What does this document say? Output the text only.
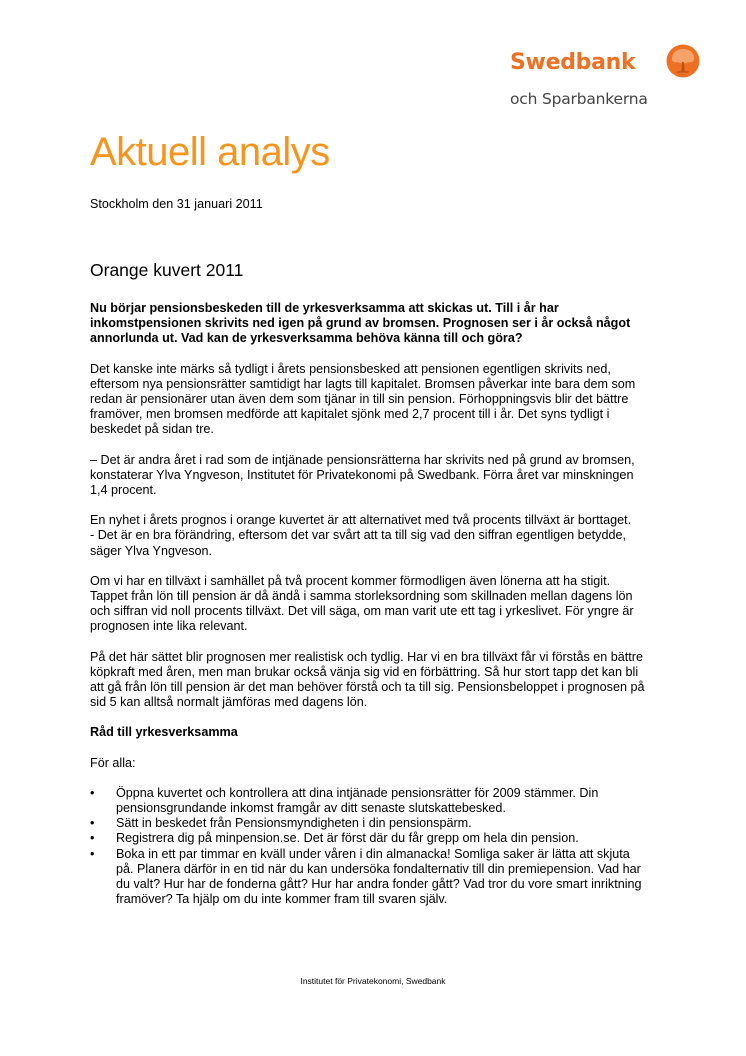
Swedbank
och Sparbankerna
Aktuell analys
Stockholm den 31 januari 2011
Orange kuvert 2011

Nu börjar pensionsbeskeden till de yrkesverksamma att skickas ut. Till i år har inkomstpensionen skrivits ned igen på grund av bromsen. Prognosen ser i år också något annorlunda ut. Vad kan de yrkesverksamma behöva känna till och göra?

Det kanske inte märks så tydligt i årets pensionsbesked att pensionen egentligen skrivits ned, eftersom nya pensionsrätter samtidigt har lagts till kapitalet. Bromsen påverkar inte bara dem som redan är pensionärer utan även dem som tjänar in till sin pension. Förhoppningsvis blir det bättre framöver, men bromsen medförde att kapitalet sjönk med 2,7 procent till i år. Det syns tydligt i beskedet på sidan tre.

– Det är andra året i rad som de intjänade pensionsrätterna har skrivits ned på grund av bromsen, konstaterar Ylva Yngveson, Institutet för Privatekonomi på Swedbank. Förra året var minskningen 1,4 procent.

En nyhet i årets prognos i orange kuvertet är att alternativet med två procents tillväxt är borttaget.
- Det är en bra förändring, eftersom det var svårt att ta till sig vad den siffran egentligen betydde, säger Ylva Yngveson.

Om vi har en tillväxt i samhället på två procent kommer förmodligen även lönerna att ha stigit. Tappet från lön till pension är då ändå i samma storleksordning som skillnaden mellan dagens lön och siffran vid noll procents tillväxt. Det vill säga, om man varit ute ett tag i yrkeslivet. För yngre är prognosen inte lika relevant.

På det här sättet blir prognosen mer realistisk och tydlig. Har vi en bra tillväxt får vi förstås en bättre köpkraft med åren, men man brukar också vänja sig vid en förbättring. Så hur stort tapp det kan bli att gå från lön till pension är det man behöver förstå och ta till sig. Pensionsbeloppet i prognosen på sid 5 kan alltså normalt jämföras med dagens lön.

Råd till yrkesverksamma

För alla:

• Öppna kuvertet och kontrollera att dina intjänade pensionsrätter för 2009 stämmer. Din pensionsgrundande inkomst framgår av ditt senaste slutskattebesked.
• Sätt in beskedet från Pensionsmyndigheten i din pensionspärm.
• Registrera dig på minpension.se. Det är först där du får grepp om hela din pension.
• Boka in ett par timmar en kväll under våren i din almanacka! Somliga saker är lätta att skjuta på. Planera därför in en tid när du kan undersöka fondalternativ till din premiepension. Vad har du valt? Hur har de fonderna gått? Hur har andra fonder gått? Vad tror du vore smart inriktning framöver? Ta hjälp om du inte kommer fram till svaren själv.
Institutet för Privatekonomi, Swedbank
